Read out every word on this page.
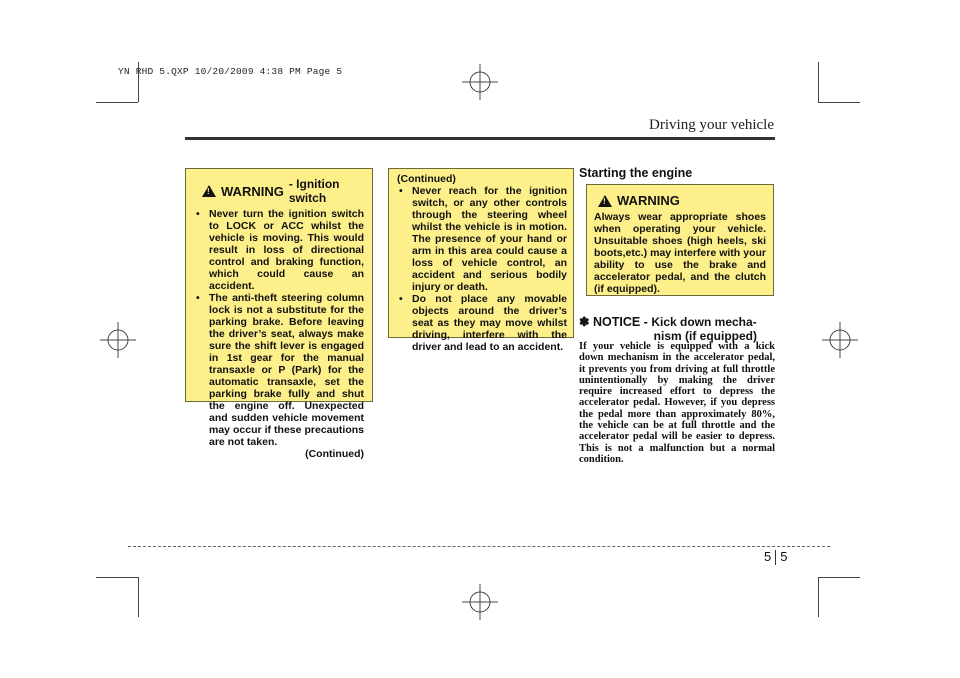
YN RHD 5.QXP 10/20/2009 4:38 PM Page 5
Driving your vehicle
!
WARNING - Ignition switch
• Never turn the ignition switch to LOCK or ACC whilst the vehicle is moving. This would result in loss of directional control and braking function, which could cause an accident.
• The anti-theft steering column lock is not a substitute for the parking brake. Before leaving the driver’s seat, always make sure the shift lever is engaged in 1st gear for the manual transaxle or P (Park) for the automatic transaxle, set the parking brake fully and shut the engine off. Unexpected and sudden vehicle movement may occur if these precautions are not taken.
(Continued)
(Continued)
• Never reach for the ignition switch, or any other controls through the steering wheel whilst the vehicle is in motion. The presence of your hand or arm in this area could cause a loss of vehicle control, an accident and serious bodily injury or death.
• Do not place any movable objects around the driver’s seat as they may move whilst driving, interfere with the driver and lead to an accident.
Starting the engine
!
WARNING
Always wear appropriate shoes when operating your vehicle. Unsuitable shoes (high heels, ski boots,etc.) may interfere with your ability to use the brake and accelerator pedal, and the clutch (if equipped).
✽ NOTICE - Kick down mecha-
nism (if equipped)
If your vehicle is equipped with a kick down mechanism in the accelerator pedal, it prevents you from driving at full throttle unintentionally by making the driver require increased effort to depress the accelerator pedal. However, if you depress the pedal more than approximately 80%, the vehicle can be at full throttle and the accelerator pedal will be easier to depress. This is not a malfunction but a normal condition.
5 5
